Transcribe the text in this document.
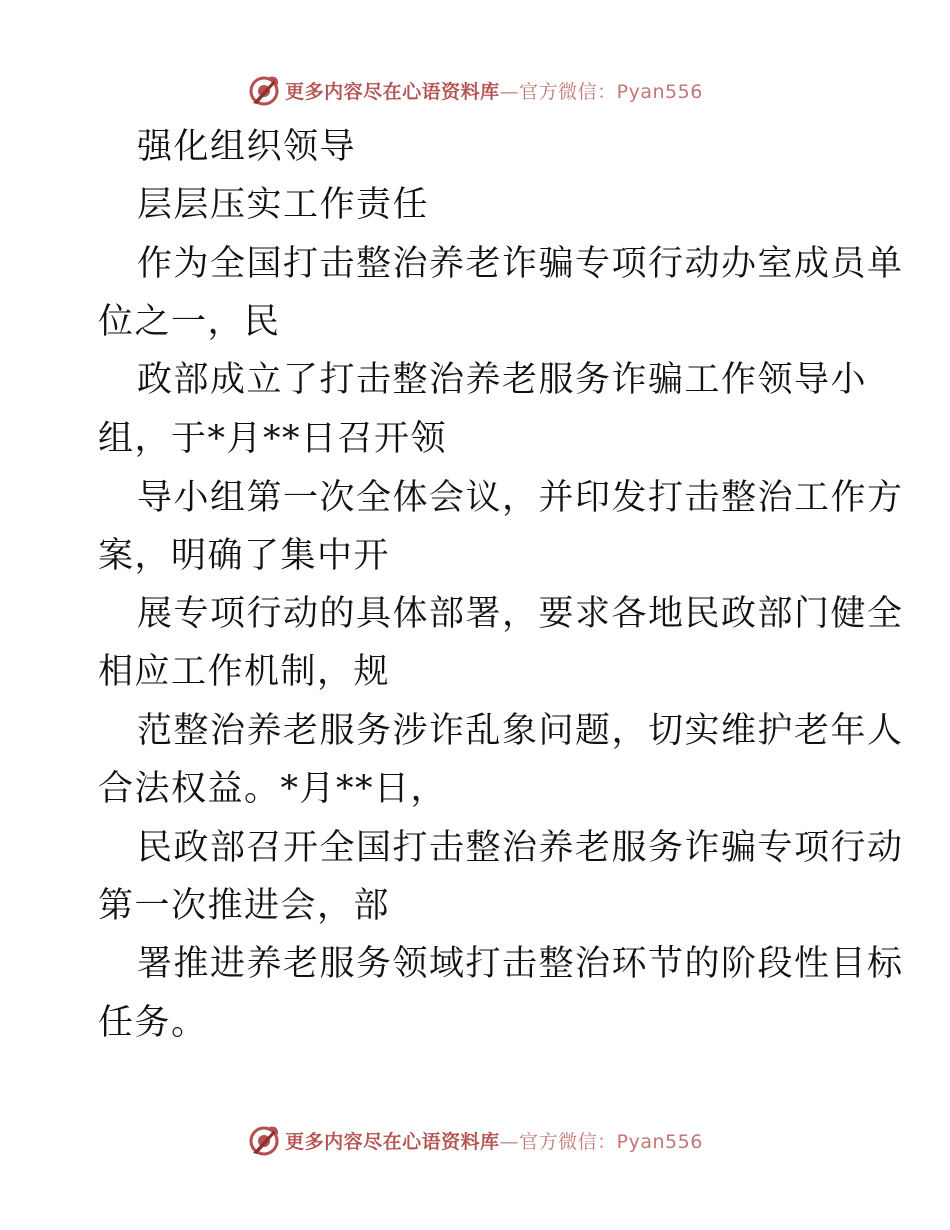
更多内容尽在心语资料库—官方微信：Pyan556
强化组织领导
层层压实工作责任
作为全国打击整治养老诈骗专项行动办室成员单
位之一，民
政部成立了打击整治养老服务诈骗工作领导小
组，于*月**日召开领
导小组第一次全体会议，并印发打击整治工作方
案，明确了集中开
展专项行动的具体部署，要求各地民政部门健全
相应工作机制，规
范整治养老服务涉诈乱象问题，切实维护老年人
合法权益。*月**日，
民政部召开全国打击整治养老服务诈骗专项行动
第一次推进会，部
署推进养老服务领域打击整治环节的阶段性目标
任务。
更多内容尽在心语资料库—官方微信：Pyan556
